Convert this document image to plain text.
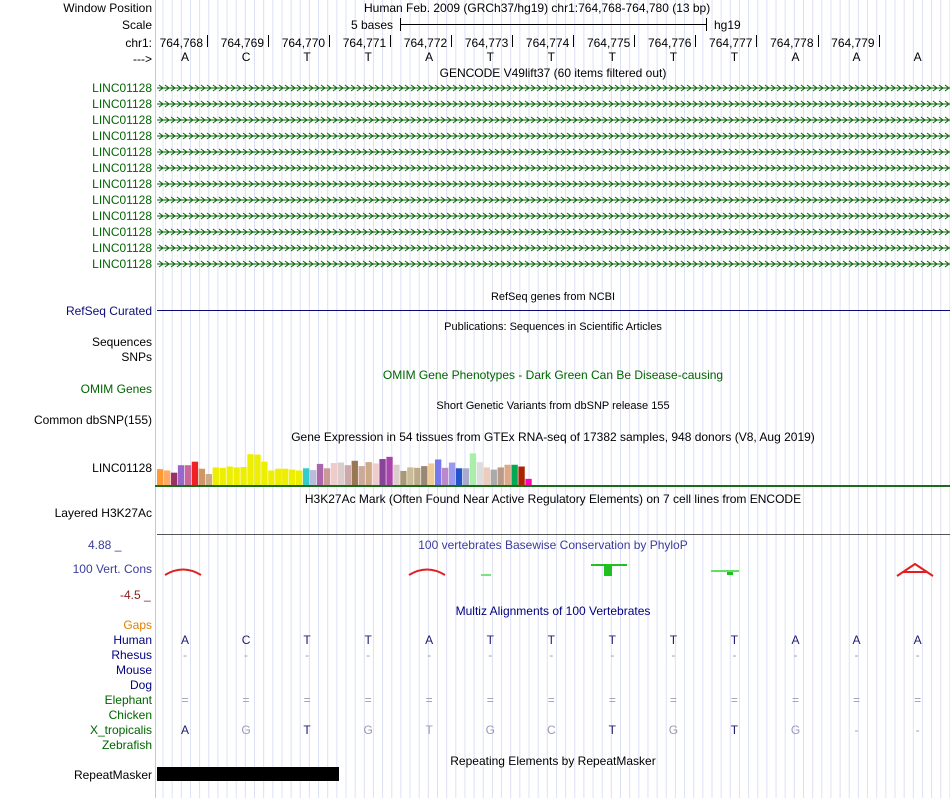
Window Position	Human Feb. 2009 (GRCh37/hg19) chr1:764,768-764,780 (13 bp)
Scale	5 bases	hg19
chr1: 764,768	764,769	764,770	764,771	764,772	764,773	764,774	764,775	764,776	764,777	764,778	764,779
--->	A	C	T	T	A	T	T	T	T	T	A	A	A
GENCODE V49lift37 (60 items filtered out)
LINC01128
LINC01128
LINC01128
LINC01128
LINC01128
LINC01128
LINC01128
LINC01128
LINC01128
LINC01128
LINC01128
LINC01128
RefSeq genes from NCBI
RefSeq Curated
Publications: Sequences in Scientific Articles
Sequences
SNPs
OMIM Gene Phenotypes - Dark Green Can Be Disease-causing
OMIM Genes
Short Genetic Variants from dbSNP release 155
Common dbSNP(155)
Gene Expression in 54 tissues from GTEx RNA-seq of 17382 samples, 948 donors (V8, Aug 2019)
LINC01128
H3K27Ac Mark (Often Found Near Active Regulatory Elements) on 7 cell lines from ENCODE
Layered H3K27Ac
4.88 _	100 vertebrates Basewise Conservation by PhyloP
100 Vert. Cons
-4.5 _
Multiz Alignments of 100 Vertebrates
Gaps
Human	A	C	T	T	A	T	T	T	T	T	A	A	A
Rhesus	-	-	-	-	-	-	-	-	-	-	-	-	-
Mouse
Dog
Elephant	=	=	=	=	=	=	=	=	=	=	=	=	=
Chicken
X_tropicalis	A	G	T	G	T	G	C	T	G	T	G	-	-
Zebrafish
Repeating Elements by RepeatMasker
RepeatMasker
